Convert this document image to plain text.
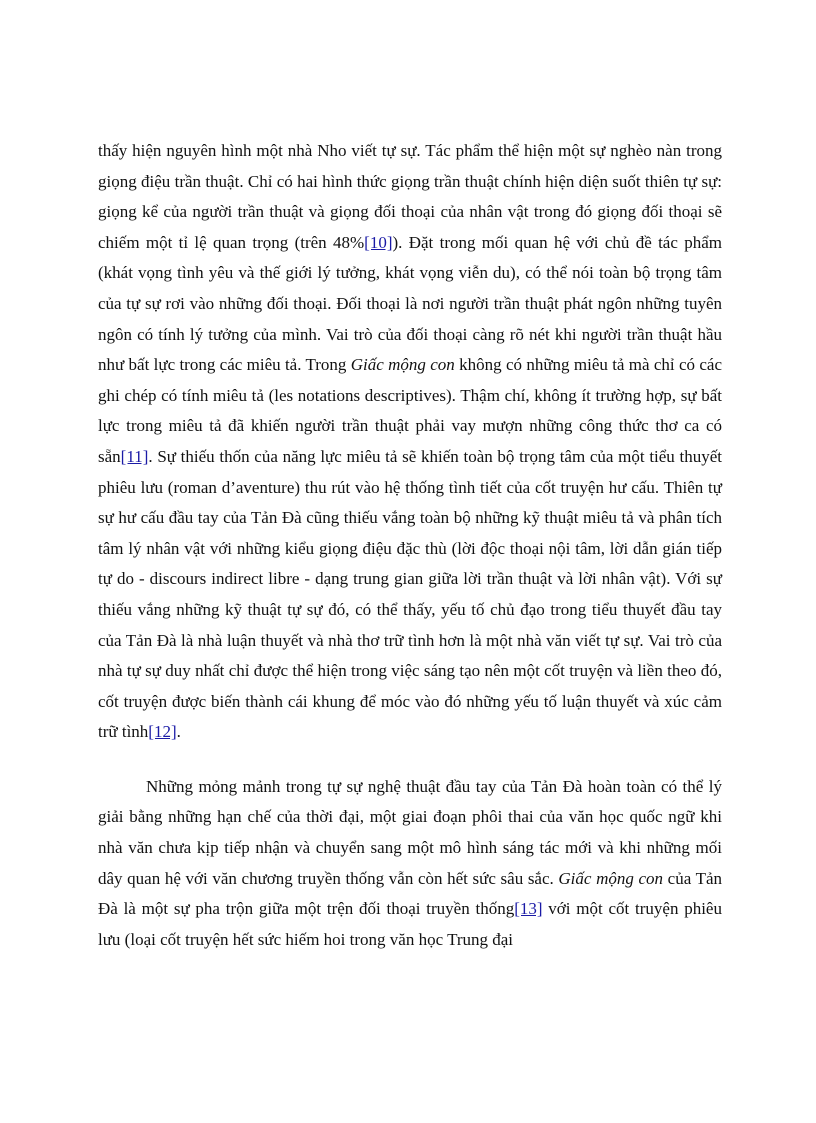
thấy hiện nguyên hình một nhà Nho viết tự sự. Tác phẩm thể hiện một sự nghèo nàn trong giọng điệu trần thuật. Chỉ có hai hình thức giọng trần thuật chính hiện diện suốt thiên tự sự: giọng kể của người trần thuật và giọng đối thoại của nhân vật trong đó giọng đối thoại sẽ chiếm một tỉ lệ quan trọng (trên 48%[10]). Đặt trong mối quan hệ với chủ đề tác phẩm (khát vọng tình yêu và thế giới lý tưởng, khát vọng viễn du), có thể nói toàn bộ trọng tâm của tự sự rơi vào những đối thoại. Đối thoại là nơi người trần thuật phát ngôn những tuyên ngôn có tính lý tưởng của mình. Vai trò của đối thoại càng rõ nét khi người trần thuật hầu như bất lực trong các miêu tả. Trong Giấc mộng con không có những miêu tả mà chỉ có các ghi chép có tính miêu tả (les notations descriptives). Thậm chí, không ít trường hợp, sự bất lực trong miêu tả đã khiến người trần thuật phải vay mượn những công thức thơ ca có sẵn[11]. Sự thiếu thốn của năng lực miêu tả sẽ khiến toàn bộ trọng tâm của một tiểu thuyết phiêu lưu (roman d’aventure) thu rút vào hệ thống tình tiết của cốt truyện hư cấu. Thiên tự sự hư cấu đầu tay của Tản Đà cũng thiếu vắng toàn bộ những kỹ thuật miêu tả và phân tích tâm lý nhân vật với những kiểu giọng điệu đặc thù (lời độc thoại nội tâm, lời dẫn gián tiếp tự do - discours indirect libre - dạng trung gian giữa lời trần thuật và lời nhân vật). Với sự thiếu vắng những kỹ thuật tự sự đó, có thể thấy, yếu tố chủ đạo trong tiểu thuyết đầu tay của Tản Đà là nhà luận thuyết và nhà thơ trữ tình hơn là một nhà văn viết tự sự. Vai trò của nhà tự sự duy nhất chỉ được thể hiện trong việc sáng tạo nên một cốt truyện và liền theo đó, cốt truyện được biến thành cái khung để móc vào đó những yếu tố luận thuyết và xúc cảm trữ tình[12].

Những mỏng mảnh trong tự sự nghệ thuật đầu tay của Tản Đà hoàn toàn có thể lý giải bằng những hạn chế của thời đại, một giai đoạn phôi thai của văn học quốc ngữ khi nhà văn chưa kịp tiếp nhận và chuyển sang một mô hình sáng tác mới và khi những mối dây quan hệ với văn chương truyền thống vẫn còn hết sức sâu sắc. Giấc mộng con của Tản Đà là một sự pha trộn giữa một trện đối thoại truyền thống[13] với một cốt truyện phiêu lưu (loại cốt truyện hết sức hiếm hoi trong văn học Trung đại
